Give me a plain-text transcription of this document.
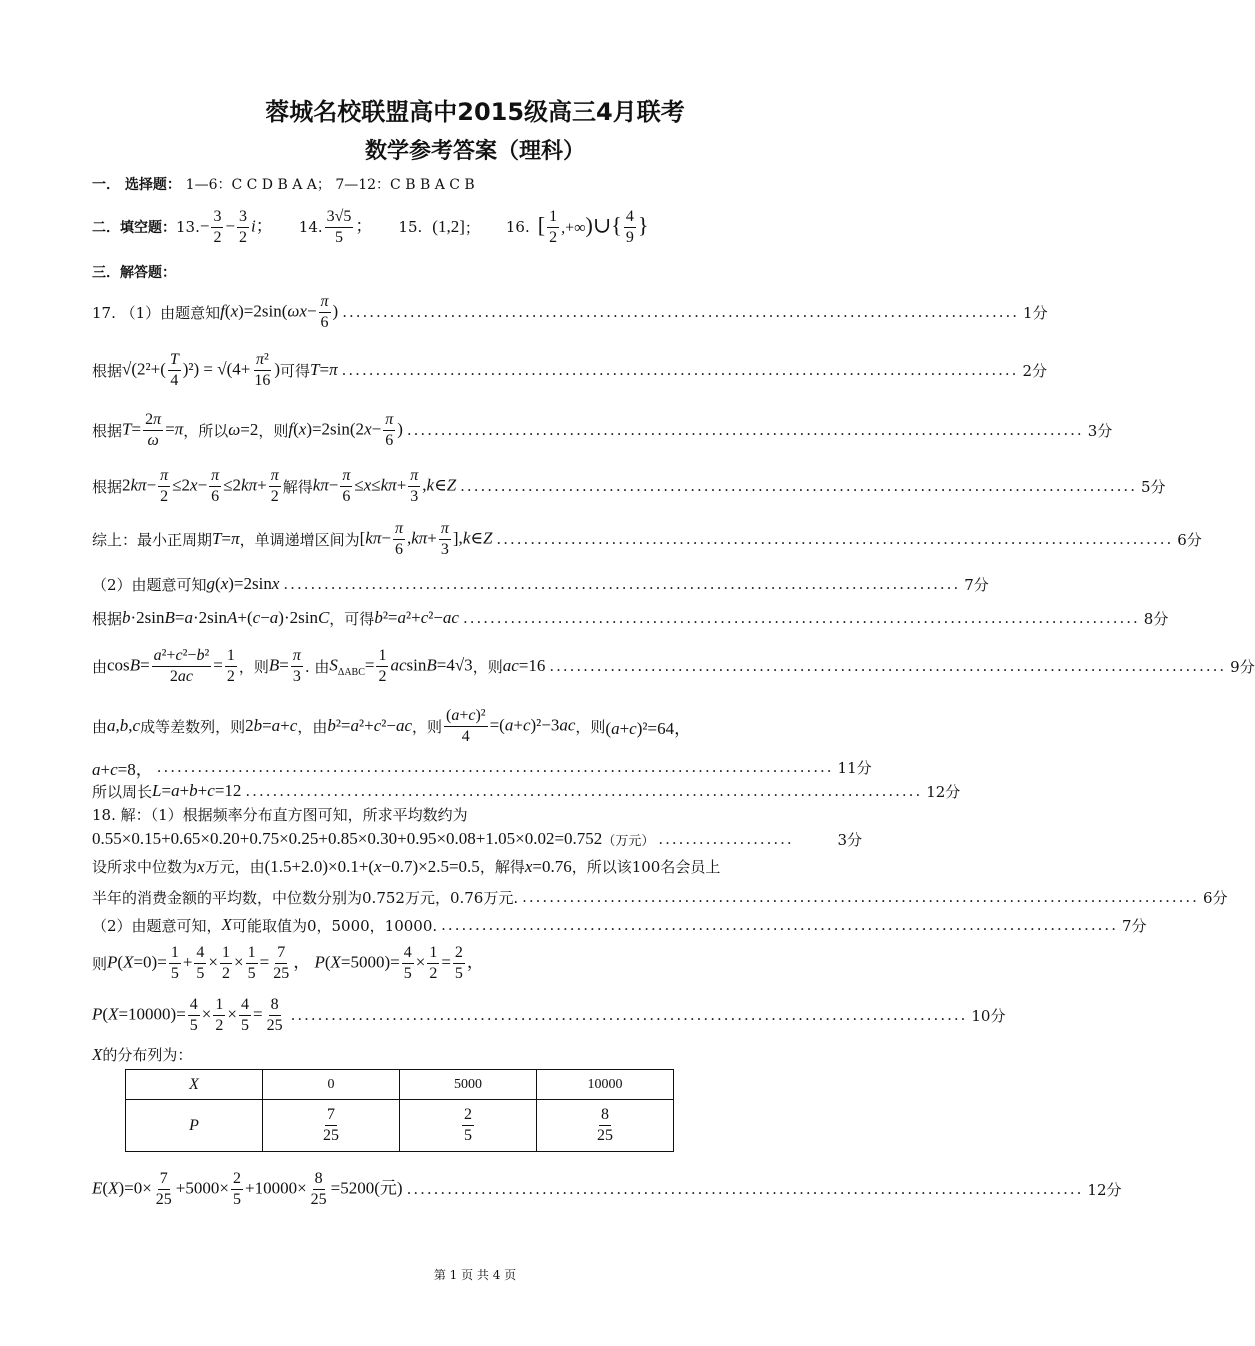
蓉城名校联盟高中2015级高三4月联考
数学参考答案（理科）
一． 选择题： 1—6：C C D B A A； 7—12：C B B A C B
二．填空题： 13. − $\frac{3}{2} - \frac{3}{2}$ i； 14. $\frac{3√5}{5}$ ； 15. (1,2] ； 16. [ $\frac{1}{2}$ ,+∞)∪{ $\frac{4}{9}$ }
三．解答题：
17. （1）由题意知 $f(x)=2\sin(\omega x- \frac{\pi}{6}$ ) .................................................................................................... 1分
根据 $√(2^2+( \frac{T}{4} )^2) = √(4+ \frac{\text{π²}}{16}$ ) 可得 T=π .................................................................................................... 2分
根据 $T= \frac{2\pi}{\omega} =\pi$ ，所以 ω=2 ，则 $f(x)=2\sin(2x- \frac{\pi}{6}$ ) .................................................................................................... 3分
根据 $2k\pi- \frac{\pi}{2} \le 2x- \frac{\pi}{6} \le 2k\pi+ \frac{\pi}{2}$ 解得 $k\pi- \frac{\pi}{6} \le x\le k\pi+ \frac{\pi}{3}$ ,k∈Z .................................................................................................... 5分
综上：最小正周期 T=π ，单调递增区间为 [$k\pi- \frac{\pi}{6} ,k\pi+ \frac{\pi}{3}$ ],k∈Z .................................................................................................... 6分
（2）由题意可知 g(x)=2sinx .................................................................................................... 7分
根据 b·2sinB=a·2sinA+(c−a)·2sinC ，可得 b²=a²+c²−ac .................................................................................................... 8分
由 $\cos B= \frac{\text{a²+c²−b²}}{2ac} = \frac{1}{2}$ ，则 $B= \frac{\pi}{3}$ . 由 $S_{\Delta ABC}= \frac{1}{2} acsinB=4√3$ ，则 ac=16 .................................................................................................... 9分
由 a,b,c 成等差数列，则 2b=a+c ，由 b²=a²+c²−ac ，则 $\frac{\text{(a+c)²}}{4} =(a+c)^2-3ac$ ，则 (a+c)²=64，
a+c=8， .................................................................................................... 11分
所以周长 L=a+b+c=12 .................................................................................................... 12分
18. 解：（1）根据频率分布直方图可知，所求平均数约为
0.55×0.15+0.65×0.20+0.75×0.25+0.85×0.30+0.95×0.08+1.05×0.02=0.752 （万元） ....................	3分
设所求中位数为x万元，由(1.5+2.0)×0.1+(x−0.7)×2.5=0.5，解得x=0.76，所以该100名会员上
半年的消费金额的平均数，中位数分别为0.752万元，0.76万元. .................................................................................................... 6分
（2）由题意可知， X 可能取值为0，5000，10000. .................................................................................................... 7分
则 $P(X=0)= \frac{1}{5} + \frac{4}{5} \times \frac{1}{2} \times \frac{1}{5} = \frac{7}{25}$ ， $P(X=5000)= \frac{4}{5} \times \frac{1}{2} = \frac{2}{5}$ ，
$P(X=10000)= \frac{4}{5} \times \frac{1}{2} \times \frac{4}{5} = \frac{8}{25}$ .................................................................................................... 10分
X的分布列为：
X	0	5000	10000
P	$\frac{7}{25}$	$\frac{2}{5}$	$\frac{8}{25}$
$E(X)=0\times \frac{7}{25} +5000\times \frac{2}{5} +10000\times \frac{8}{25} =5200$(元) .................................................................................................... 12分
第 1 页 共 4 页
